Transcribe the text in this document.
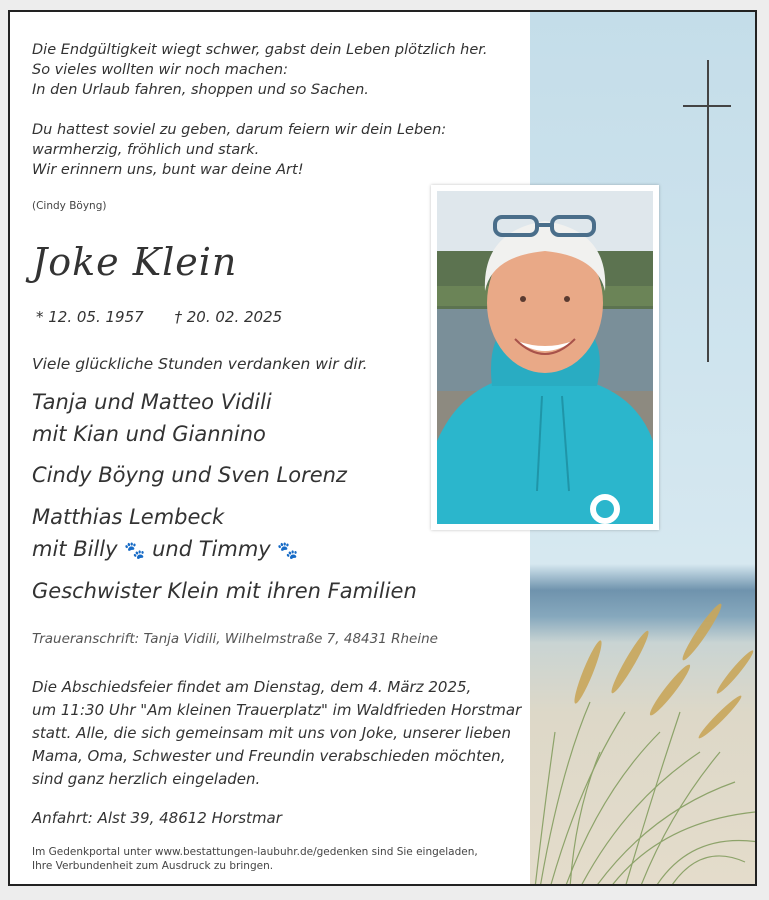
Die Endgültigkeit wiegt schwer, gabst dein Leben plötzlich her.
So vieles wollten wir noch machen:
In den Urlaub fahren, shoppen und so Sachen.
Du hattest soviel zu geben, darum feiern wir dein Leben:
warmherzig, fröhlich und stark.
Wir erinnern uns, bunt war deine Art!
(Cindy Böyng)
Joke Klein
* 12. 05. 1957 † 20. 02. 2025
Viele glückliche Stunden verdanken wir dir.
Tanja und Matteo Vidili
mit Kian und Giannino
Cindy Böyng und Sven Lorenz
Matthias Lembeck
mit Billy 🐾 und Timmy 🐾
Geschwister Klein mit ihren Familien
Traueranschrift: Tanja Vidili, Wilhelmstraße 7, 48431 Rheine
Die Abschiedsfeier findet am Dienstag, dem 4. März 2025,
um 11:30 Uhr "Am kleinen Trauerplatz" im Waldfrieden Horstmar
statt. Alle, die sich gemeinsam mit uns von Joke, unserer lieben
Mama, Oma, Schwester und Freundin verabschieden möchten,
sind ganz herzlich eingeladen.
Anfahrt: Alst 39, 48612 Horstmar
Im Gedenkportal unter www.bestattungen-laubuhr.de/gedenken sind Sie eingeladen,
Ihre Verbundenheit zum Ausdruck zu bringen.
